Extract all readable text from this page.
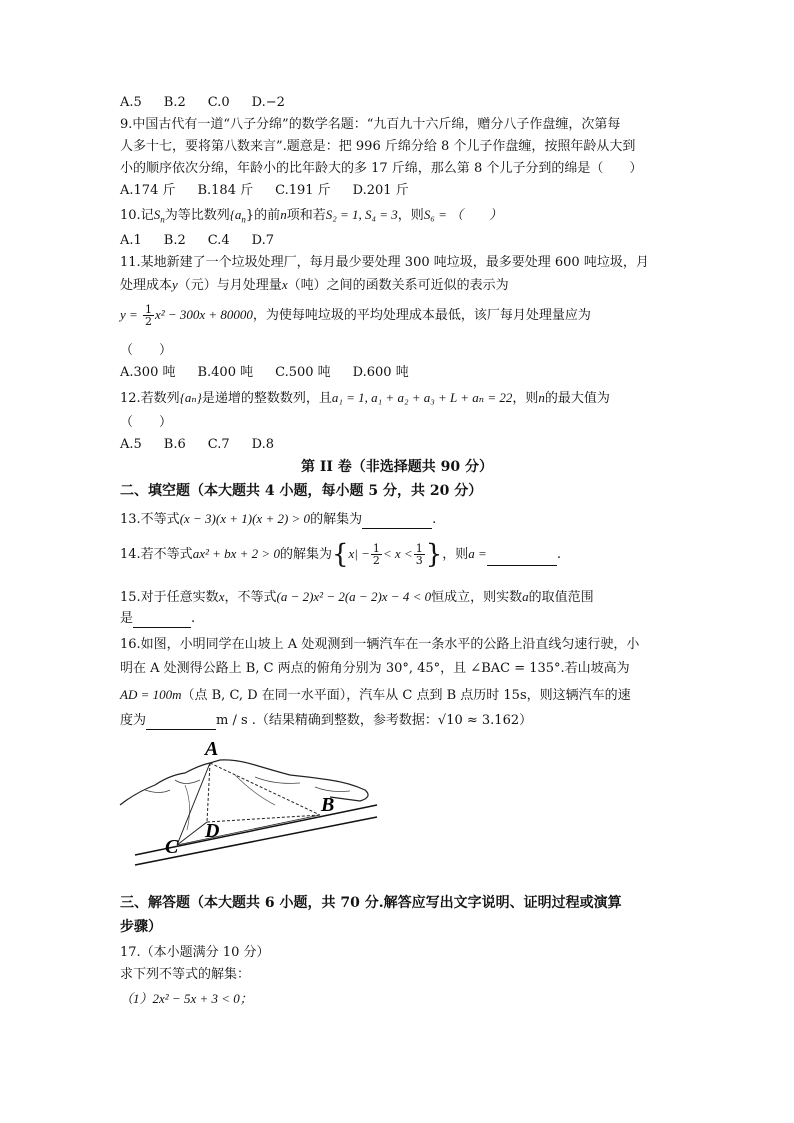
A.5 B.2 C.0 D.−2
9.中国古代有一道“八子分绵”的数学名题：“九百九十六斤绵，赠分八子作盘缠，次第每
人多十七，要将第八数来言”.题意是：把 996 斤绵分给 8 个儿子作盘缠，按照年龄从大到
小的顺序依次分绵，年龄小的比年龄大的多 17 斤绵，那么第 8 个儿子分到的绵是（　　）
A.174 斤 B.184 斤 C.191 斤 D.201 斤
10.记$S_n$为等比数列$\{a_n\}$的前n项和若S₂ = 1, S₄ = 3，则S₆ = （　　）
A.1 B.2 C.4 D.7
11.某地新建了一个垃圾处理厂，每月最少要处理 300 吨垃圾，最多要处理 600 吨垃圾，月
处理成本y（元）与月处理量x（吨）之间的函数关系可近似的表示为
$y = \frac{1}{2} x^2 - 300x + 80000$，为使每吨垃圾的平均处理成本最低，该厂每月处理量应为
（　　）
A.300 吨 B.400 吨 C.500 吨 D.600 吨
12.若数列{aₙ}是递增的整数数列，且a₁ = 1, a₁ + a₂ + a₃ + L + aₙ = 22，则n的最大值为
（　　）
A.5 B.6 C.7 D.8
第 II 卷（非选择题共 90 分）
二、填空题（本大题共 4 小题，每小题 5 分，共 20 分）
13.不等式(x − 3)(x + 1)(x + 2) > 0的解集为	.
14.若不等式ax² + bx + 2 > 0的解集为{$x| - \frac{1}{2} < x < \frac{1}{3}$ }，则a =	.
15.对于任意实数x，不等式(a − 2)x² − 2(a − 2)x − 4 < 0恒成立，则实数a的取值范围
是	.
16.如图，小明同学在山坡上 A 处观测到一辆汽车在一条水平的公路上沿直线匀速行驶，小
明在 A 处测得公路上 B, C 两点的俯角分别为 30°, 45°，且 ∠BAC = 135°.若山坡高为
AD = 100m（点 B, C, D 在同一水平面），汽车从 C 点到 B 点历时 15s，则这辆汽车的速
度为	m / s .（结果精确到整数，参考数据：√10 ≈ 3.162）
A
B
C
D
三、解答题（本大题共 6 小题，共 70 分.解答应写出文字说明、证明过程或演算
步骤）
17.（本小题满分 10 分）
求下列不等式的解集：
（1）2x² − 5x + 3 < 0；
